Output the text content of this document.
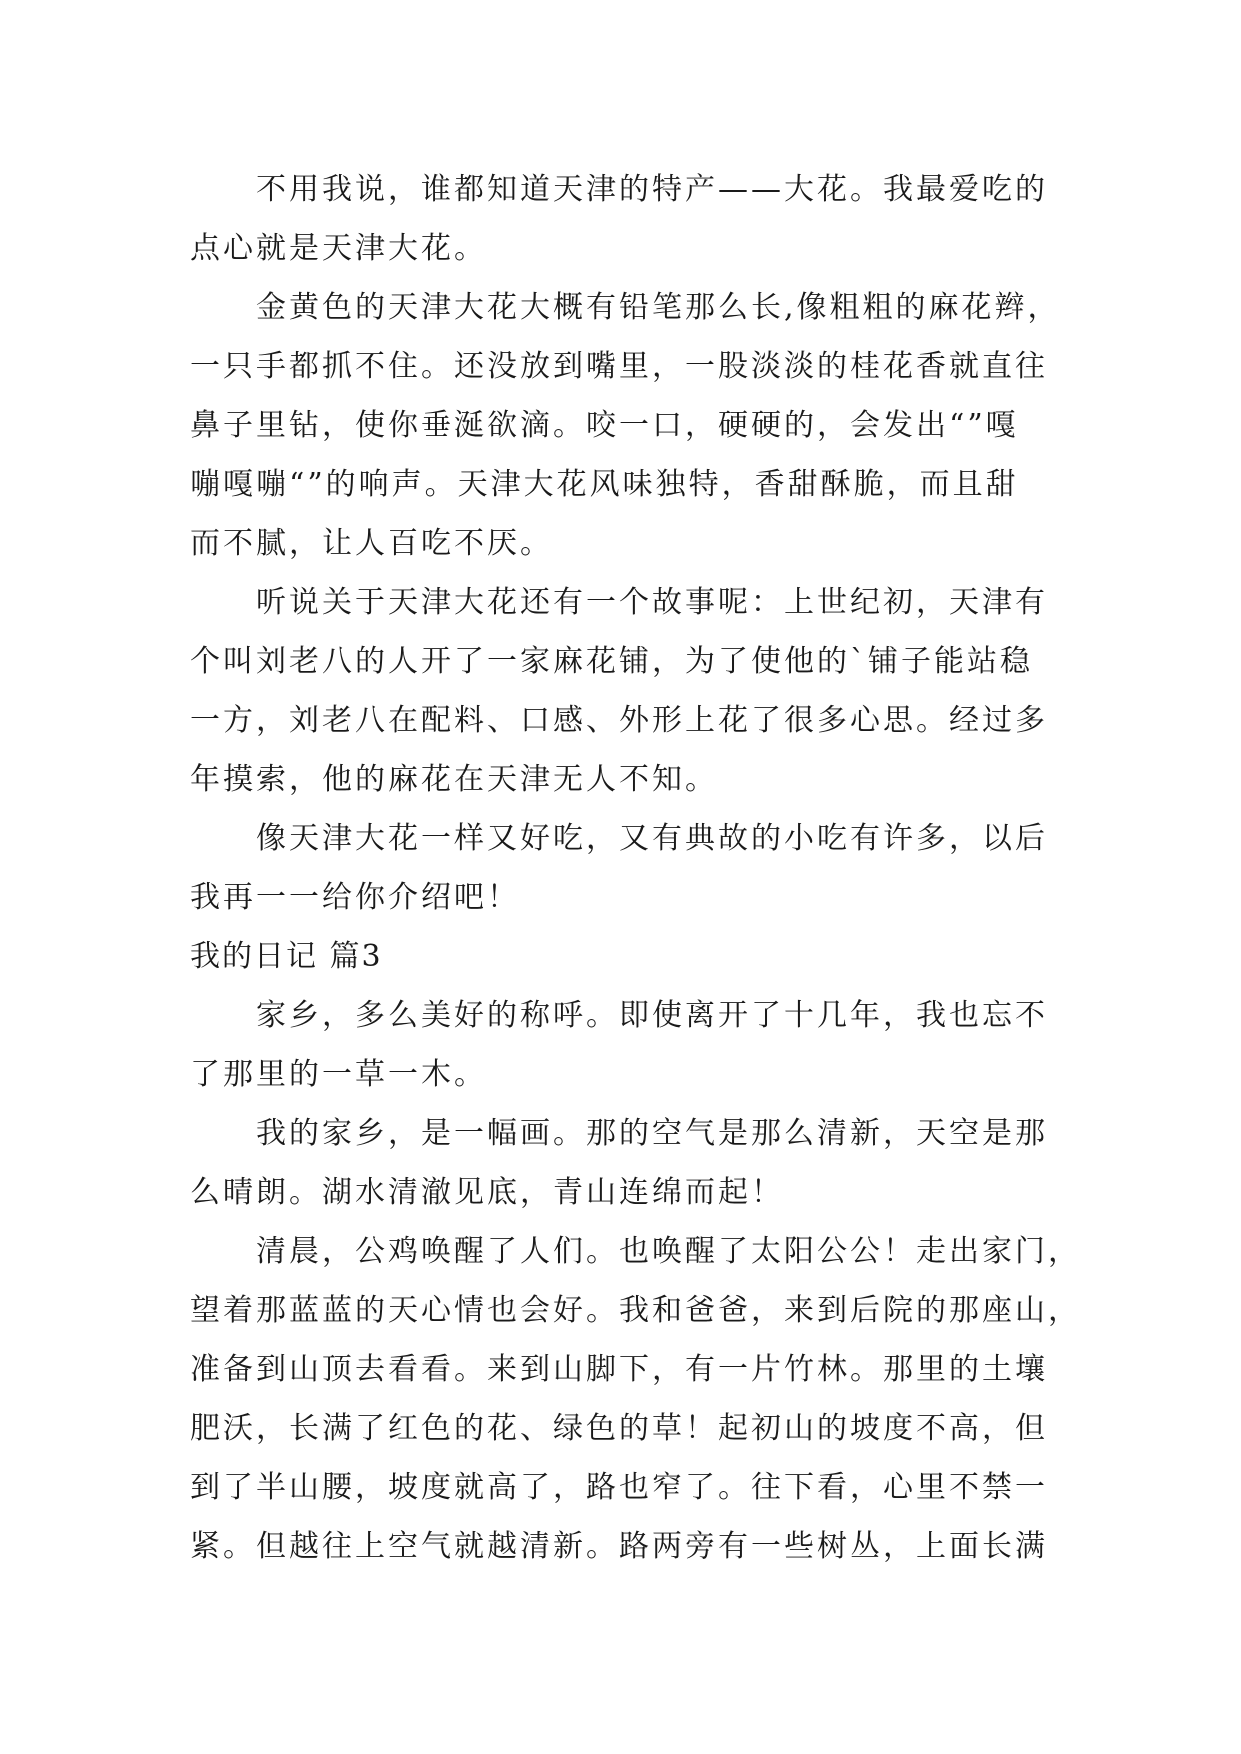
不用我说，谁都知道天津的特产——大花。我最爱吃的
点心就是天津大花。
金黄色的天津大花大概有铅笔那么长,像粗粗的麻花辫，
一只手都抓不住。还没放到嘴里，一股淡淡的桂花香就直往
鼻子里钻，使你垂涎欲滴。咬一口，硬硬的，会发出“”嘎
嘣嘎嘣“”的响声。天津大花风味独特，香甜酥脆，而且甜
而不腻，让人百吃不厌。
听说关于天津大花还有一个故事呢：上世纪初，天津有
个叫刘老八的人开了一家麻花铺，为了使他的`铺子能站稳
一方，刘老八在配料、口感、外形上花了很多心思。经过多
年摸索，他的麻花在天津无人不知。
像天津大花一样又好吃，又有典故的小吃有许多，以后
我再一一给你介绍吧！
我的日记 篇3
家乡，多么美好的称呼。即使离开了十几年，我也忘不
了那里的一草一木。
我的家乡，是一幅画。那的空气是那么清新，天空是那
么晴朗。湖水清澈见底，青山连绵而起！
清晨，公鸡唤醒了人们。也唤醒了太阳公公！走出家门，
望着那蓝蓝的天心情也会好。我和爸爸，来到后院的那座山，
准备到山顶去看看。来到山脚下，有一片竹林。那里的土壤
肥沃，长满了红色的花、绿色的草！起初山的坡度不高，但
到了半山腰，坡度就高了，路也窄了。往下看，心里不禁一
紧。但越往上空气就越清新。路两旁有一些树丛，上面长满
